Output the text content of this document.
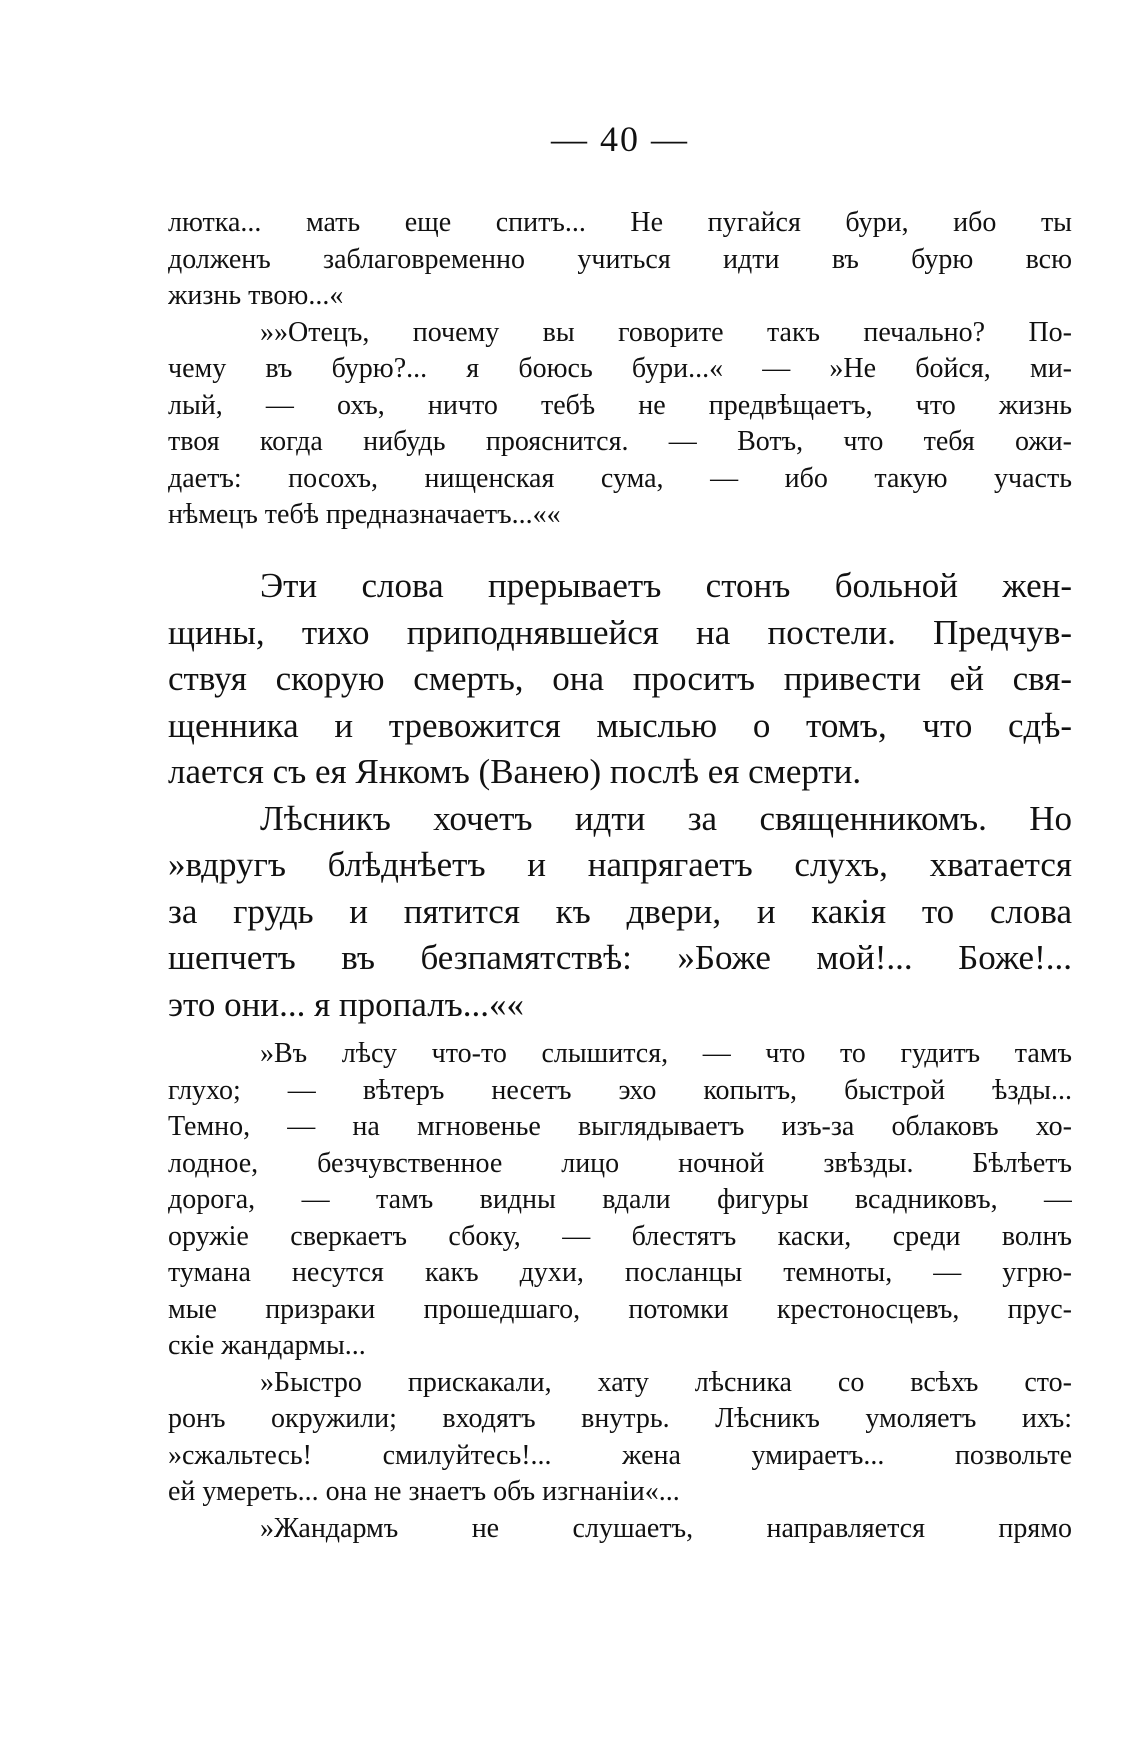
— 40 —
лютка... мать еще спитъ... Не пугайся бури, ибо ты
долженъ заблаговременно учиться идти въ бурю всю
жизнь твою...«
»»Отецъ, почему вы говорите такъ печально? По-
чему въ бурю?... я боюсь бури...« — »Не бойся, ми-
лый, — охъ, ничто тебѣ не предвѣщаетъ, что жизнь
твоя когда нибудь прояснится. — Вотъ, что тебя ожи-
даетъ: посохъ, нищенская сума, — ибо такую участь
нѣмецъ тебѣ предназначаетъ...««
Эти слова прерываетъ стонъ больной жен-
щины, тихо приподнявшейся на постели. Предчув-
ствуя скорую смерть, она проситъ привести ей свя-
щенника и тревожится мыслью о томъ, что сдѣ-
лается съ ея Янкомъ (Ванею) послѣ ея смерти.
Лѣсникъ хочетъ идти за священникомъ. Но
»вдругъ блѣднѣетъ и напрягаетъ слухъ, хватается
за грудь и пятится къ двери, и какія то слова
шепчетъ въ безпамятствѣ: »Боже мой!... Боже!...
это они... я пропалъ...««
»Въ лѣсу что-то слышится, — что то гудитъ тамъ
глухо; — вѣтеръ несетъ эхо копытъ, быстрой ѣзды...
Темно, — на мгновенье выглядываетъ изъ-за облаковъ хо-
лодное, безчувственное лицо ночной звѣзды. Бѣлѣетъ
дорога, — тамъ видны вдали фигуры всадниковъ, —
оружіе сверкаетъ сбоку, — блестятъ каски, среди волнъ
тумана несутся какъ духи, посланцы темноты, — угрю-
мые призраки прошедшаго, потомки крестоносцевъ, прус-
скіе жандармы...
»Быстро прискакали, хату лѣсника со всѣхъ сто-
ронъ окружили; входятъ внутрь. Лѣсникъ умоляетъ ихъ:
»сжальтесь! смилуйтесь!... жена умираетъ... позвольте
ей умереть... она не знаетъ объ изгнаніи«...
»Жандармъ не слушаетъ, направляется прямо
